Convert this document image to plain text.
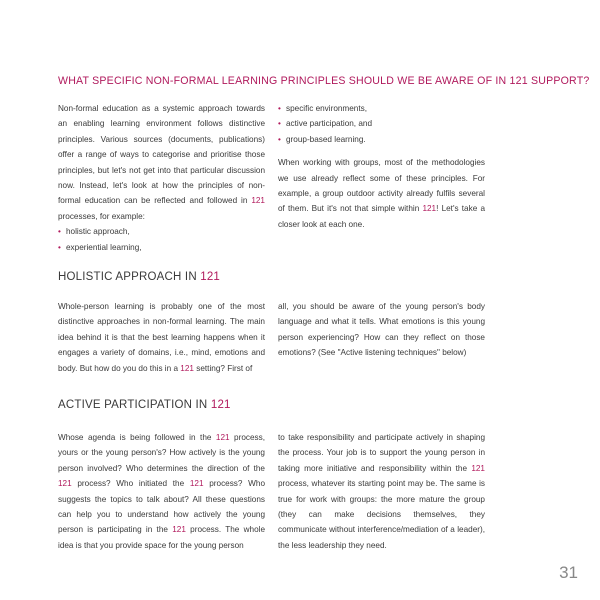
WHAT SPECIFIC NON-FORMAL LEARNING PRINCIPLES SHOULD WE BE AWARE OF IN 121 SUPPORT?

Non-formal education as a systemic approach towards an enabling learning environment follows distinctive principles. Various sources (documents, publications) offer a range of ways to categorise and prioritise those principles, but let's not get into that particular discussion now. Instead, let's look at how the principles of non-formal education can be reflected and followed in 121 processes, for example:

• holistic approach,
• experiential learning,
• specific environments,
• active participation, and
• group-based learning.

When working with groups, most of the methodologies we use already reflect some of these principles. For example, a group outdoor activity already fulfils several of them. But it's not that simple within 121! Let's take a closer look at each one.

HOLISTIC APPROACH IN 121

Whole-person learning is probably one of the most distinctive approaches in non-formal learning. The main idea behind it is that the best learning happens when it engages a variety of domains, i.e., mind, emotions and body. But how do you do this in a 121 setting? First of

all, you should be aware of the young person's body language and what it tells. What emotions is this young person experiencing? How can they reflect on those emotions? (See "Active listening techniques" below)

ACTIVE PARTICIPATION IN 121

Whose agenda is being followed in the 121 process, yours or the young person's? How actively is the young person involved? Who determines the direction of the 121 process? Who initiated the 121 process? Who suggests the topics to talk about? All these questions can help you to understand how actively the young person is participating in the 121 process. The whole idea is that you provide space for the young person

to take responsibility and participate actively in shaping the process. Your job is to support the young person in taking more initiative and responsibility within the 121 process, whatever its starting point may be. The same is true for work with groups: the more mature the group (they can make decisions themselves, they communicate without interference/mediation of a leader), the less leadership they need.

31
